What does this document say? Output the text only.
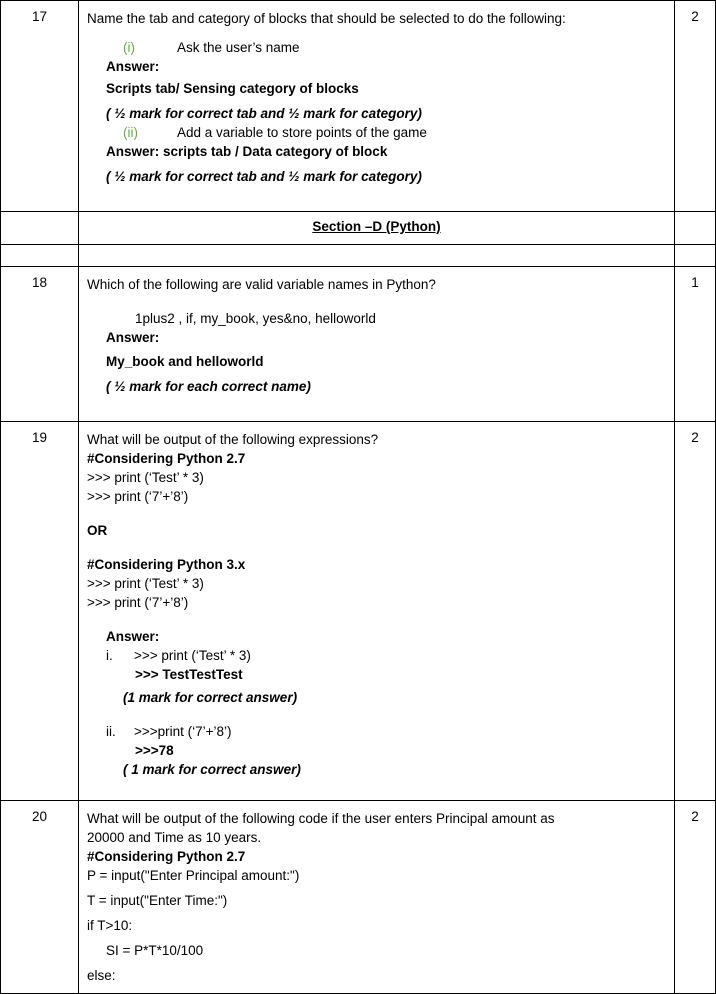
17	Name the tab and category of blocks that should be selected to do the following:
(i)	Ask the user’s name
Answer:
Scripts tab/ Sensing category of blocks
( ½ mark for correct tab and ½ mark for category)
(ii)	Add a variable to store points of the game
Answer: scripts tab / Data category of block
( ½ mark for correct tab and ½ mark for category)
2
Section –D (Python)
18	Which of the following are valid variable names in Python?
1plus2 , if, my_book, yes&no, helloworld
Answer:
My_book and helloworld
( ½ mark for each correct name)
1
19	What will be output of the following expressions?
#Considering Python 2.7
>>> print (‘Test’ * 3)
>>> print (‘7’+’8’)
OR
#Considering Python 3.x
>>> print (‘Test’ * 3)
>>> print (‘7’+’8’)
Answer:
i. >>> print (‘Test’ * 3)
>>> TestTestTest
(1 mark for correct answer)
ii. >>>print (‘7’+’8’)
>>>78
( 1 mark for correct answer)
2
20	What will be output of the following code if the user enters Principal amount as
20000 and Time as 10 years.
#Considering Python 2.7
P = input("Enter Principal amount:")
T = input("Enter Time:")
if T>10:
SI = P*T*10/100
else:
2
